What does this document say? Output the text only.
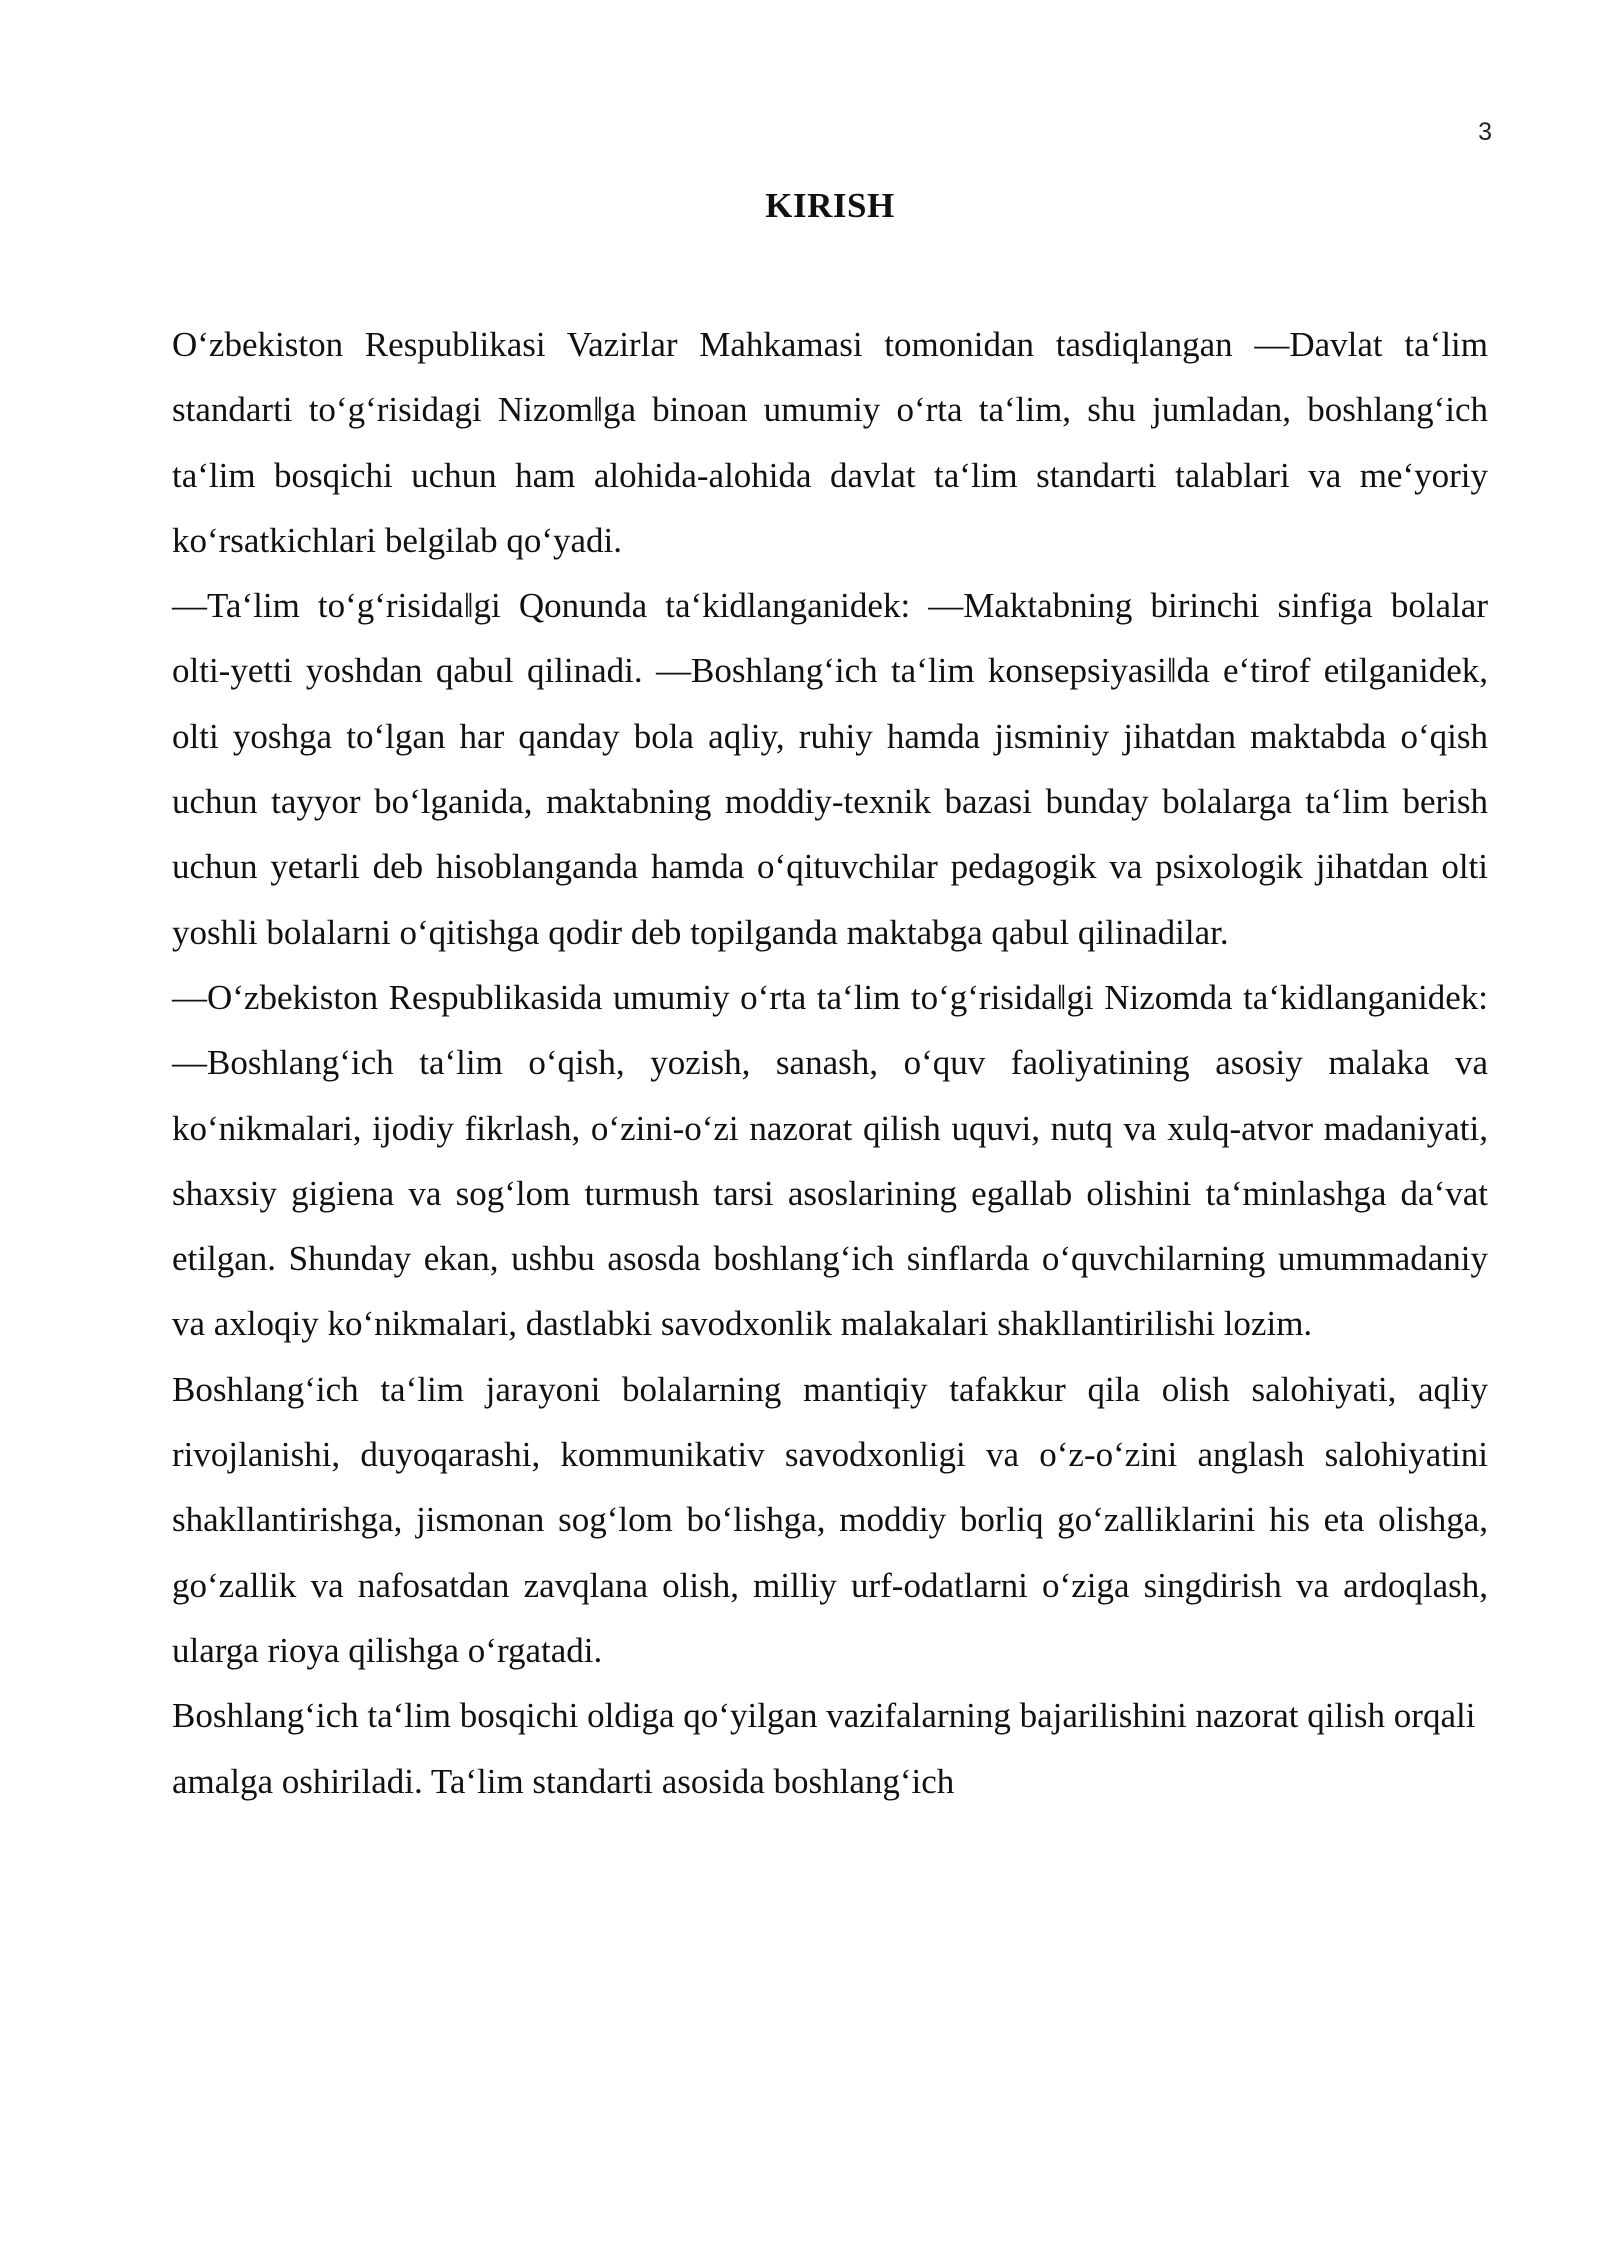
3
KIRISH

O‘zbekiston Respublikasi Vazirlar Mahkamasi tomonidan tasdiqlangan ―Davlat ta‘lim standarti to‘g‘risidagi Nizom‖ga binoan umumiy o‘rta ta‘lim, shu jumladan, boshlang‘ich ta‘lim bosqichi uchun ham alohida-alohida davlat ta‘lim standarti talablari va me‘yoriy ko‘rsatkichlari belgilab qo‘yadi.

―Ta‘lim to‘g‘risida‖gi Qonunda ta‘kidlanganidek: ―Maktabning birinchi sinfiga bolalar olti-yetti yoshdan qabul qilinadi. ―Boshlang‘ich ta‘lim konsepsiyasi‖da e‘tirof etilganidek, olti yoshga to‘lgan har qanday bola aqliy, ruhiy hamda jisminiy jihatdan maktabda o‘qish uchun tayyor bo‘lganida, maktabning moddiy-texnik bazasi bunday bolalarga ta‘lim berish uchun yetarli deb hisoblanganda hamda o‘qituvchilar pedagogik va psixologik jihatdan olti yoshli bolalarni o‘qitishga qodir deb topilganda maktabga qabul qilinadilar.

―O‘zbekiston Respublikasida umumiy o‘rta ta‘lim to‘g‘risida‖gi Nizomda ta‘kidlanganidek: ―Boshlang‘ich ta‘lim o‘qish, yozish, sanash, o‘quv faoliyatining asosiy malaka va ko‘nikmalari, ijodiy fikrlash, o‘zini-o‘zi nazorat qilish uquvi, nutq va xulq-atvor madaniyati, shaxsiy gigiena va sog‘lom turmush tarsi asoslarining egallab olishini ta‘minlashga da‘vat etilgan. Shunday ekan, ushbu asosda boshlang‘ich sinflarda o‘quvchilarning umummadaniy va axloqiy ko‘nikmalari, dastlabki savodxonlik malakalari shakllantirilishi lozim.

Boshlang‘ich ta‘lim jarayoni bolalarning mantiqiy tafakkur qila olish salohiyati, aqliy rivojlanishi, duyoqarashi, kommunikativ savodxonligi va o‘z-o‘zini anglash salohiyatini shakllantirishga, jismonan sog‘lom bo‘lishga, moddiy borliq go‘zalliklarini his eta olishga, go‘zallik va nafosatdan zavqlana olish, milliy urf-odatlarni o‘ziga singdirish va ardoqlash, ularga rioya qilishga o‘rgatadi.

Boshlang‘ich ta‘lim bosqichi oldiga qo‘yilgan vazifalarning bajarilishini nazorat qilish orqali amalga oshiriladi. Ta‘lim standarti asosida boshlang‘ich
